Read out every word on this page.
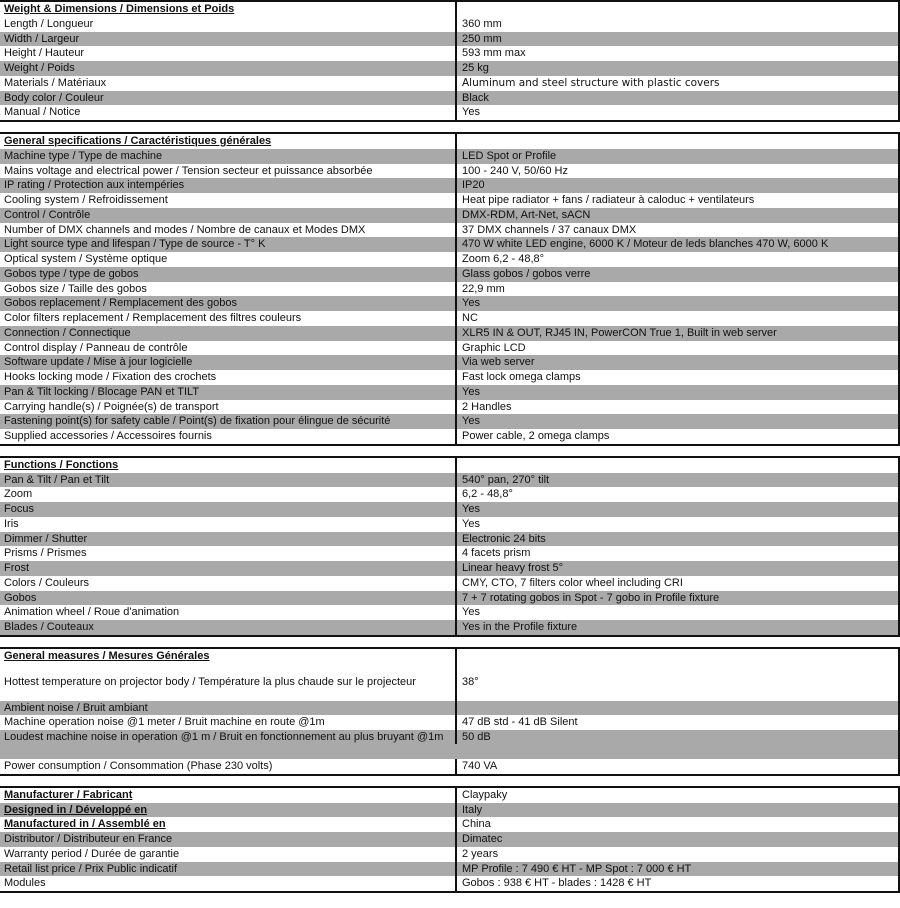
Weight & Dimensions / Dimensions et Poids
Length / Longueur	360 mm
Width / Largeur	250 mm
Height / Hauteur	593 mm max
Weight / Poids	25 kg
Materials / Matériaux	Aluminum and steel structure with plastic covers
Body color / Couleur	Black
Manual / Notice	Yes
General specifications / Caractéristiques générales
Machine type / Type de machine	LED Spot or Profile
Mains voltage and electrical power / Tension secteur et puissance absorbée	100 - 240 V, 50/60 Hz
IP rating / Protection aux intempéries	IP20
Cooling system / Refroidissement	Heat pipe radiator + fans / radiateur à caloduc + ventilateurs
Control / Contrôle	DMX-RDM, Art-Net, sACN
Number of DMX channels and modes / Nombre de canaux et Modes DMX	37 DMX channels / 37 canaux DMX
Light source type and lifespan / Type de source - T° K	470 W white LED engine, 6000 K / Moteur de leds blanches 470 W, 6000 K
Optical system / Système optique	Zoom 6,2 - 48,8°
Gobos type / type de gobos	Glass gobos / gobos verre
Gobos size / Taille des gobos	22,9 mm
Gobos replacement / Remplacement des gobos	Yes
Color filters replacement / Remplacement des filtres couleurs	NC
Connection / Connectique	XLR5 IN & OUT, RJ45 IN, PowerCON True 1, Built in web server
Control display / Panneau de contrôle	Graphic LCD
Software update / Mise à jour logicielle	Via web server
Hooks locking mode / Fixation des crochets	Fast lock omega clamps
Pan & Tilt locking / Blocage PAN et TILT	Yes
Carrying handle(s) / Poignée(s) de transport	2 Handles
Fastening point(s) for safety cable / Point(s) de fixation pour élingue de sécurité	Yes
Supplied accessories / Accessoires fournis	Power cable, 2 omega clamps
Functions / Fonctions
Pan & Tilt / Pan et Tilt	540° pan, 270° tilt
Zoom	6,2 - 48,8°
Focus	Yes
Iris	Yes
Dimmer / Shutter	Electronic 24 bits
Prisms / Prismes	4 facets prism
Frost	Linear heavy frost 5°
Colors / Couleurs	CMY, CTO, 7 filters color wheel including CRI
Gobos	7 + 7 rotating gobos in Spot - 7 gobo in Profile fixture
Animation wheel / Roue d'animation	Yes
Blades / Couteaux	Yes in the Profile fixture
General measures / Mesures Générales
Hottest temperature on projector body / Température la plus chaude sur le projecteur	38°
Ambient noise / Bruit ambiant
Machine operation noise @1 meter / Bruit machine en route @1m	47 dB std - 41 dB Silent
Loudest machine noise in operation @1 m / Bruit en fonctionnement au plus bruyant @1m	50 dB
Power consumption / Consommation (Phase 230 volts)	740 VA
Manufacturer / Fabricant	Claypaky
Designed in / Développé en	Italy
Manufactured in / Assemblé en	China
Distributor / Distributeur en France	Dimatec
Warranty period / Durée de garantie	2 years
Retail list price / Prix Public indicatif	MP Profile : 7 490 € HT - MP Spot : 7 000 € HT
Modules	Gobos : 938 € HT - blades : 1428 € HT
